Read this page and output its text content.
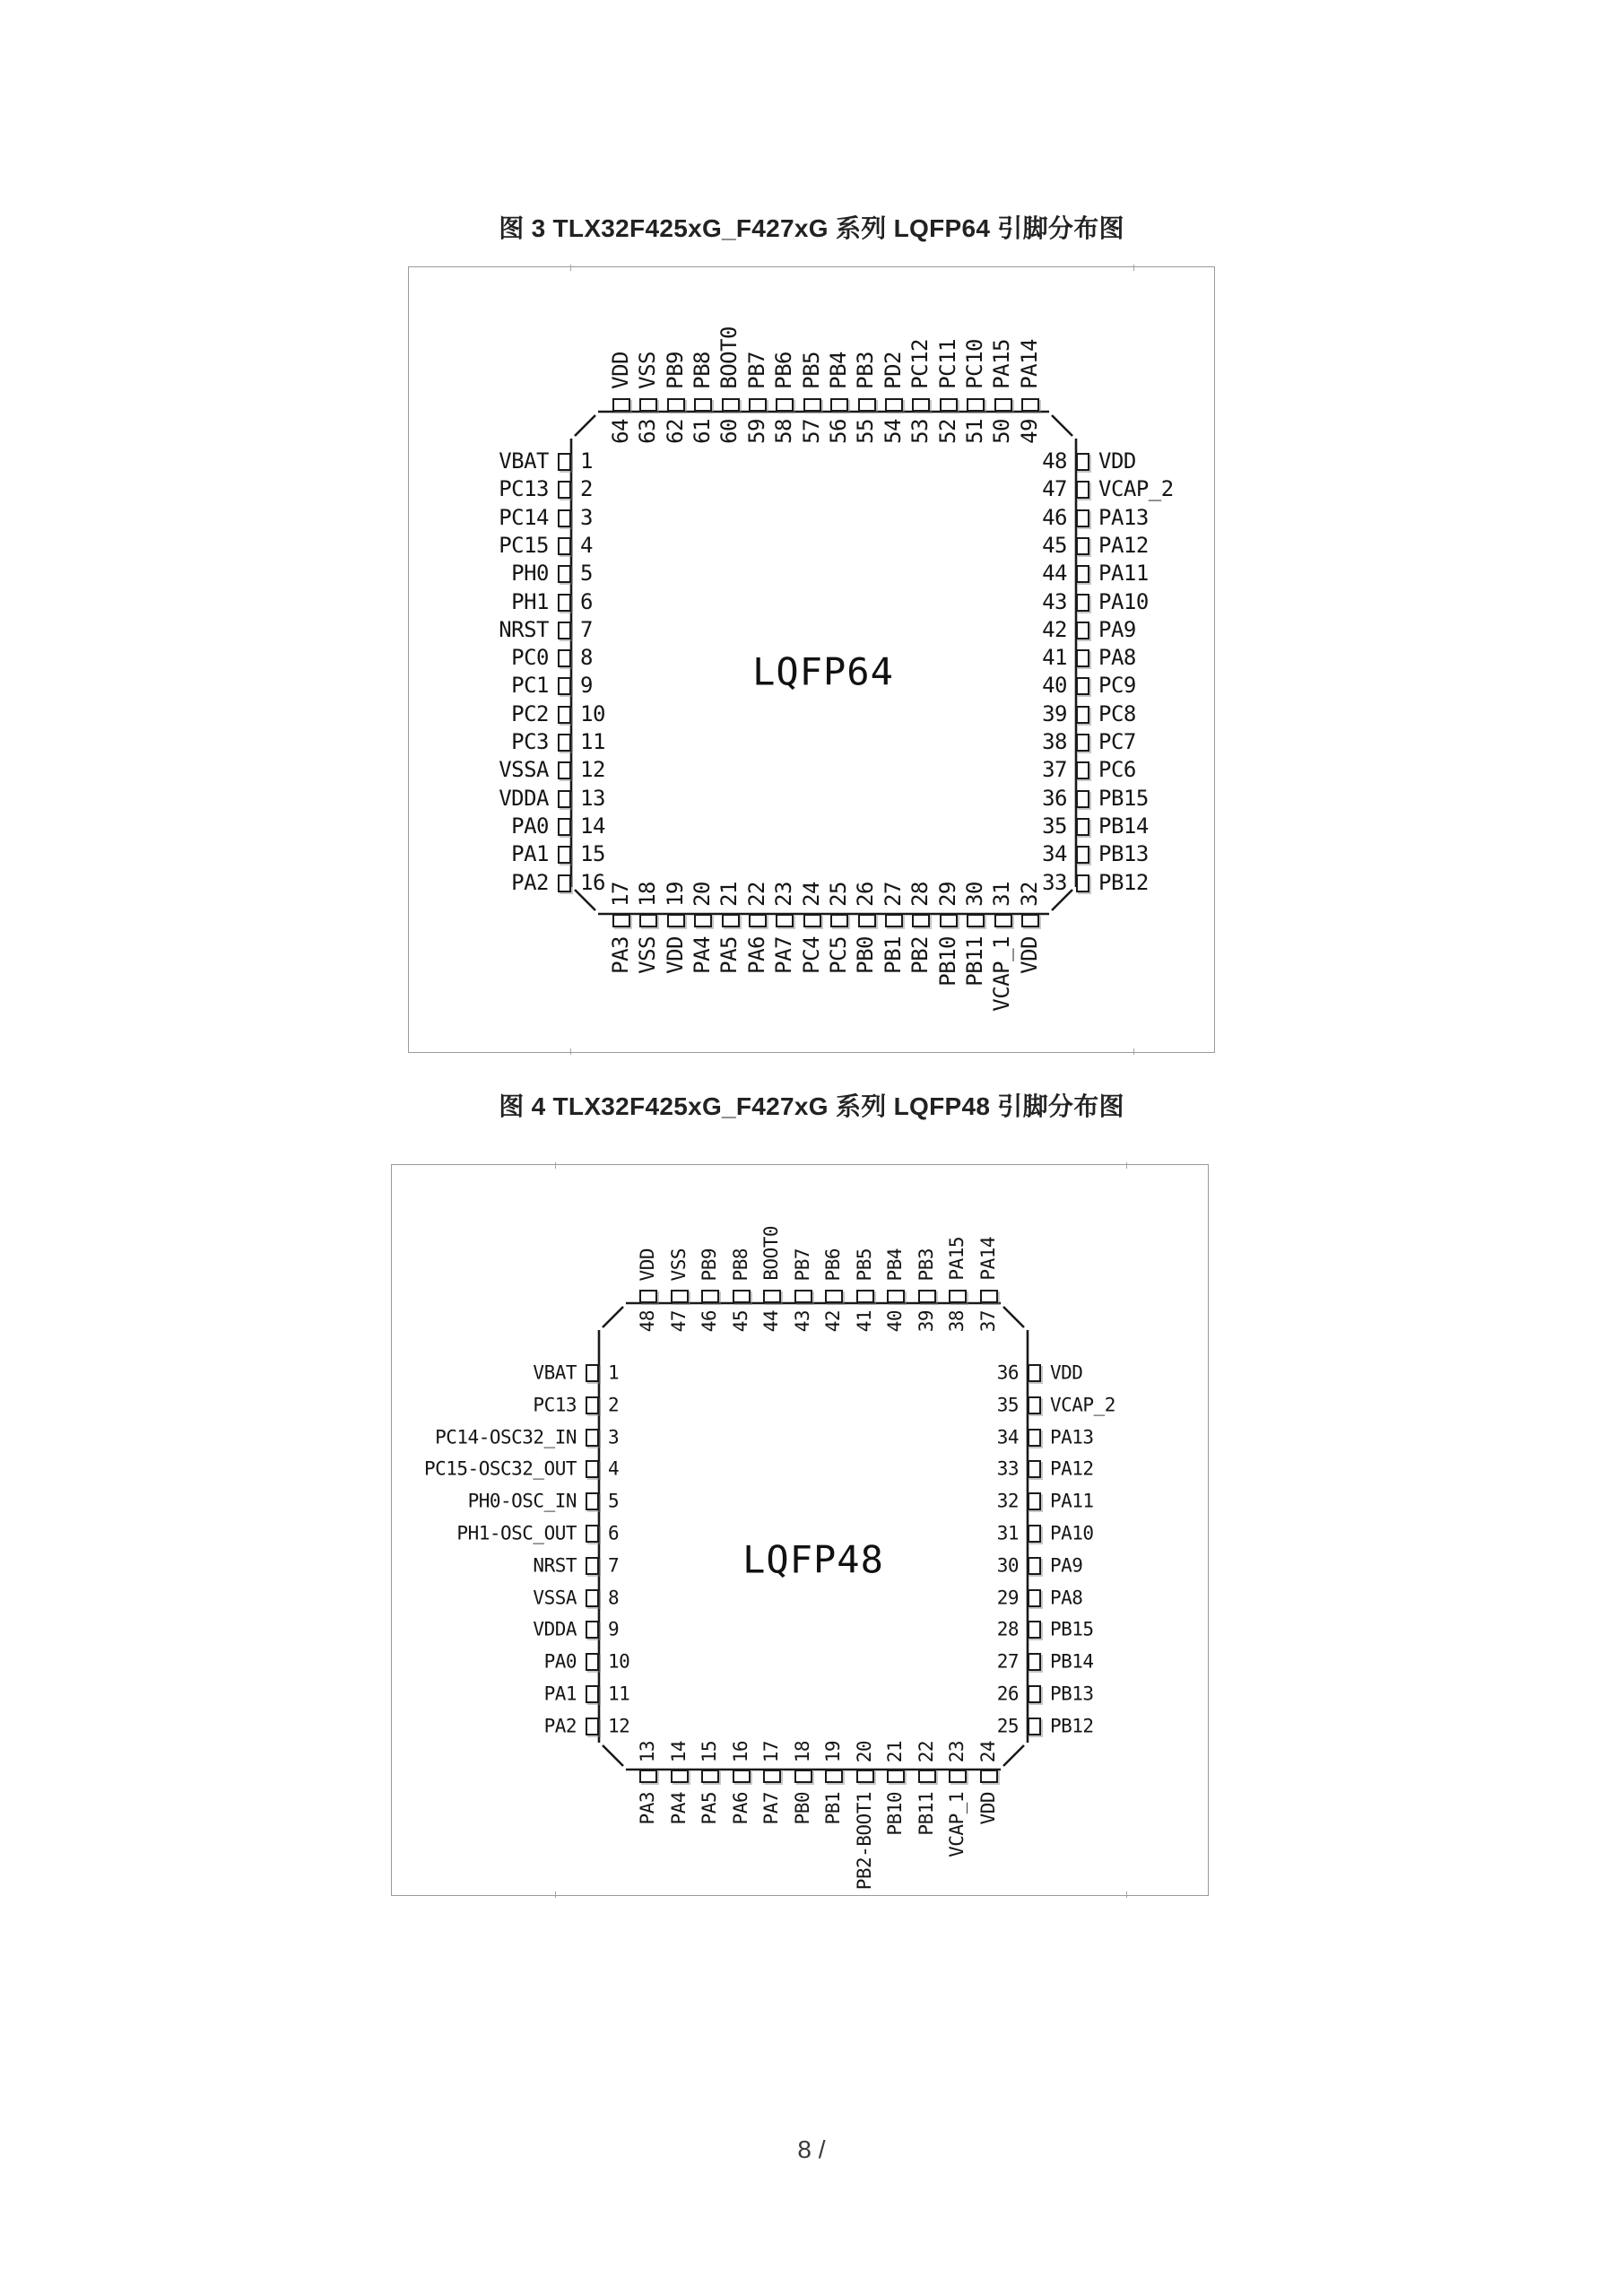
图 3 TLX32F425xG_F427xG 系列 LQFP64 引脚分布图
LQFP64
64
VDD
63
VSS
62
PB9
61
PB8
60
BOOT0
59
PB7
58
PB6
57
PB5
56
PB4
55
PB3
54
PD2
53
PC12
52
PC11
51
PC10
50
PA15
49
PA14
17
PA3
18
VSS
19
VDD
20
PA4
21
PA5
22
PA6
23
PA7
24
PC4
25
PC5
26
PB0
27
PB1
28
PB2
29
PB10
30
PB11
31
VCAP_1
32
VDD
1
VBAT
2
PC13
3
PC14
4
PC15
5
PH0
6
PH1
7
NRST
8
PC0
9
PC1
10
PC2
11
PC3
12
VSSA
13
VDDA
14
PA0
15
PA1
16
PA2
48 VDD
47 VCAP_2
46 PA13
45 PA12
44 PA11
43 PA10
42 PA9
41 PA8
40 PC9
39 PC8
38 PC7
37 PC6
36 PB15
35 PB14
34 PB13
33 PB12
图 4 TLX32F425xG_F427xG 系列 LQFP48 引脚分布图
LQFP48
48
VDD
47
VSS
46
PB9
45
PB8
44
BOOT0
43
PB7
42
PB6
41
PB5
40
PB4
39
PB3
38
PA15
37
PA14
13
PA3
14
PA4
15
PA5
16
PA6
17
PA7
18
PB0
19
PB1
20
PB2-BOOT1
21
PB10
22
PB11
23
VCAP_1
24
VDD
1
VBAT
2
PC13
3
PC14-OSC32_IN
4
PC15-OSC32_OUT
5
PH0-OSC_IN
6
PH1-OSC_OUT
7
NRST
8
VSSA
9
VDDA
10
PA0
11
PA1
12
PA2
36 VDD
35 VCAP_2
34 PA13
33 PA12
32 PA11
31 PA10
30 PA9
29 PA8
28 PB15
27 PB14
26 PB13
25 PB12
8 /
